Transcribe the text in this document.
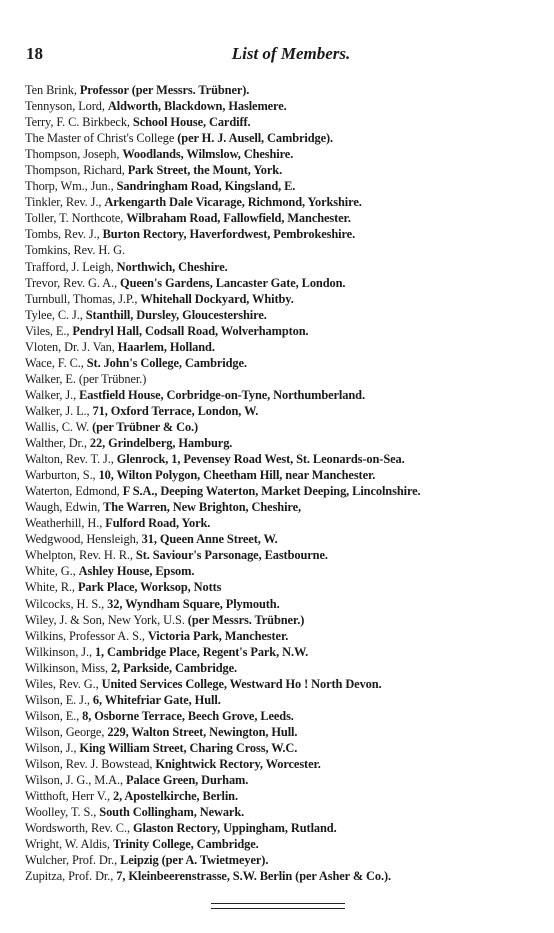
18	List of Members.
Ten Brink, Professor (per Messrs. Trübner).
Tennyson, Lord, Aldworth, Blackdown, Haslemere.
Terry, F. C. Birkbeck, School House, Cardiff.
The Master of Christ's College (per H. J. Ausell, Cambridge).
Thompson, Joseph, Woodlands, Wilmslow, Cheshire.
Thompson, Richard, Park Street, the Mount, York.
Thorp, Wm., Jun., Sandringham Road, Kingsland, E.
Tinkler, Rev. J., Arkengarth Dale Vicarage, Richmond, Yorkshire.
Toller, T. Northcote, Wilbraham Road, Fallowfield, Manchester.
Tombs, Rev. J., Burton Rectory, Haverfordwest, Pembrokeshire.
Tomkins, Rev. H. G.
Trafford, J. Leigh, Northwich, Cheshire.
Trevor, Rev. G. A., Queen's Gardens, Lancaster Gate, London.
Turnbull, Thomas, J.P., Whitehall Dockyard, Whitby.
Tylee, C. J., Stanthill, Dursley, Gloucestershire.
Viles, E., Pendryl Hall, Codsall Road, Wolverhampton.
Vloten, Dr. J. Van, Haarlem, Holland.
Wace, F. C., St. John's College, Cambridge.
Walker, E. (per Trübner.)
Walker, J., Eastfield House, Corbridge-on-Tyne, Northumberland.
Walker, J. L., 71, Oxford Terrace, London, W.
Wallis, C. W. (per Trübner & Co.)
Walther, Dr., 22, Grindelberg, Hamburg.
Walton, Rev. T. J., Glenrock, 1, Pevensey Road West, St. Leonards-on-Sea.
Warburton, S., 10, Wilton Polygon, Cheetham Hill, near Manchester.
Waterton, Edmond, F S.A., Deeping Waterton, Market Deeping, Lincolnshire.
Waugh, Edwin, The Warren, New Brighton, Cheshire,
Weatherhill, H., Fulford Road, York.
Wedgwood, Hensleigh, 31, Queen Anne Street, W.
Whelpton, Rev. H. R., St. Saviour's Parsonage, Eastbourne.
White, G., Ashley House, Epsom.
White, R., Park Place, Worksop, Notts
Wilcocks, H. S., 32, Wyndham Square, Plymouth.
Wiley, J. & Son, New York, U.S. (per Messrs. Trübner.)
Wilkins, Professor A. S., Victoria Park, Manchester.
Wilkinson, J., 1, Cambridge Place, Regent's Park, N.W.
Wilkinson, Miss, 2, Parkside, Cambridge.
Wiles, Rev. G., United Services College, Westward Ho ! North Devon.
Wilson, E. J., 6, Whitefriar Gate, Hull.
Wilson, E., 8, Osborne Terrace, Beech Grove, Leeds.
Wilson, George, 229, Walton Street, Newington, Hull.
Wilson, J., King William Street, Charing Cross, W.C.
Wilson, Rev. J. Bowstead, Knightwick Rectory, Worcester.
Wilson, J. G., M.A., Palace Green, Durham.
Witthoft, Herr V., 2, Apostelkirche, Berlin.
Woolley, T. S., South Collingham, Newark.
Wordsworth, Rev. C., Glaston Rectory, Uppingham, Rutland.
Wright, W. Aldis, Trinity College, Cambridge.
Wulcher, Prof. Dr., Leipzig (per A. Twietmeyer).
Zupitza, Prof. Dr., 7, Kleinbeerenstrasse, S.W. Berlin (per Asher & Co.).
